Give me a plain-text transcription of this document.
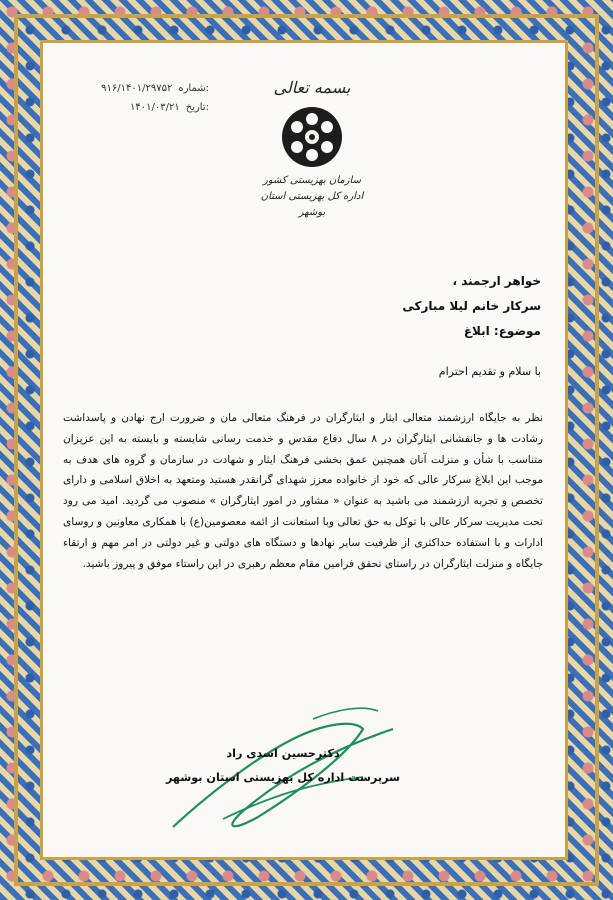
:شماره
۹۱۶/۱۴۰۱/۲۹۷۵۲
:تاریخ
۱۴۰۱/۰۳/۲۱
بسمه تعالی
سازمان بهزیستی کشور
اداره کل بهزیستی استان بوشهر
خواهر ارجمند ،
سرکار خانم لیلا مبارکی
موضوع: ابلاغ
با سلام و تقدیم احترام

نظر به جایگاه ارزشمند متعالی ایثار و ایثارگران در فرهنگ متعالی مان و ضرورت ارج نهادن و پاسداشت رشادت ها و جانفشانی ایثارگران در ۸ سال دفاع مقدس و خدمت رسانی شایسته و بایسته به این عزیزان متناسب با شأن و منزلت آنان همچنین عمق بخشی فرهنگ ایثار و شهادت در سازمان و گروه های هدف به موجب این ابلاغ سرکار عالی که خود از خانواده معزز شهدای گرانقدر هستید ومتعهد به اخلاق اسلامی و دارای تخصص و تجربه ارزشمند می باشید به عنوان « مشاور در امور ایثارگران » منصوب می گردید. امید می رود تحت مدیریت سرکار عالی با توکل به حق تعالی وبا استعانت از ائمه معصومین(ع) با همکاری معاونین و روسای ادارات و با استفاده حداکثری از ظرفیت سایر نهادها و دستگاه های دولتی و غیر دولتی در امر مهم و ارتقاء جایگاه و منزلت ایثارگران در راستای تحقق فرامین مقام معظم رهبری در این راستاء موفق و پیروز باشید.

دکترحسین اسدی راد
سرپرست اداره کل بهزیستی استان بوشهر
